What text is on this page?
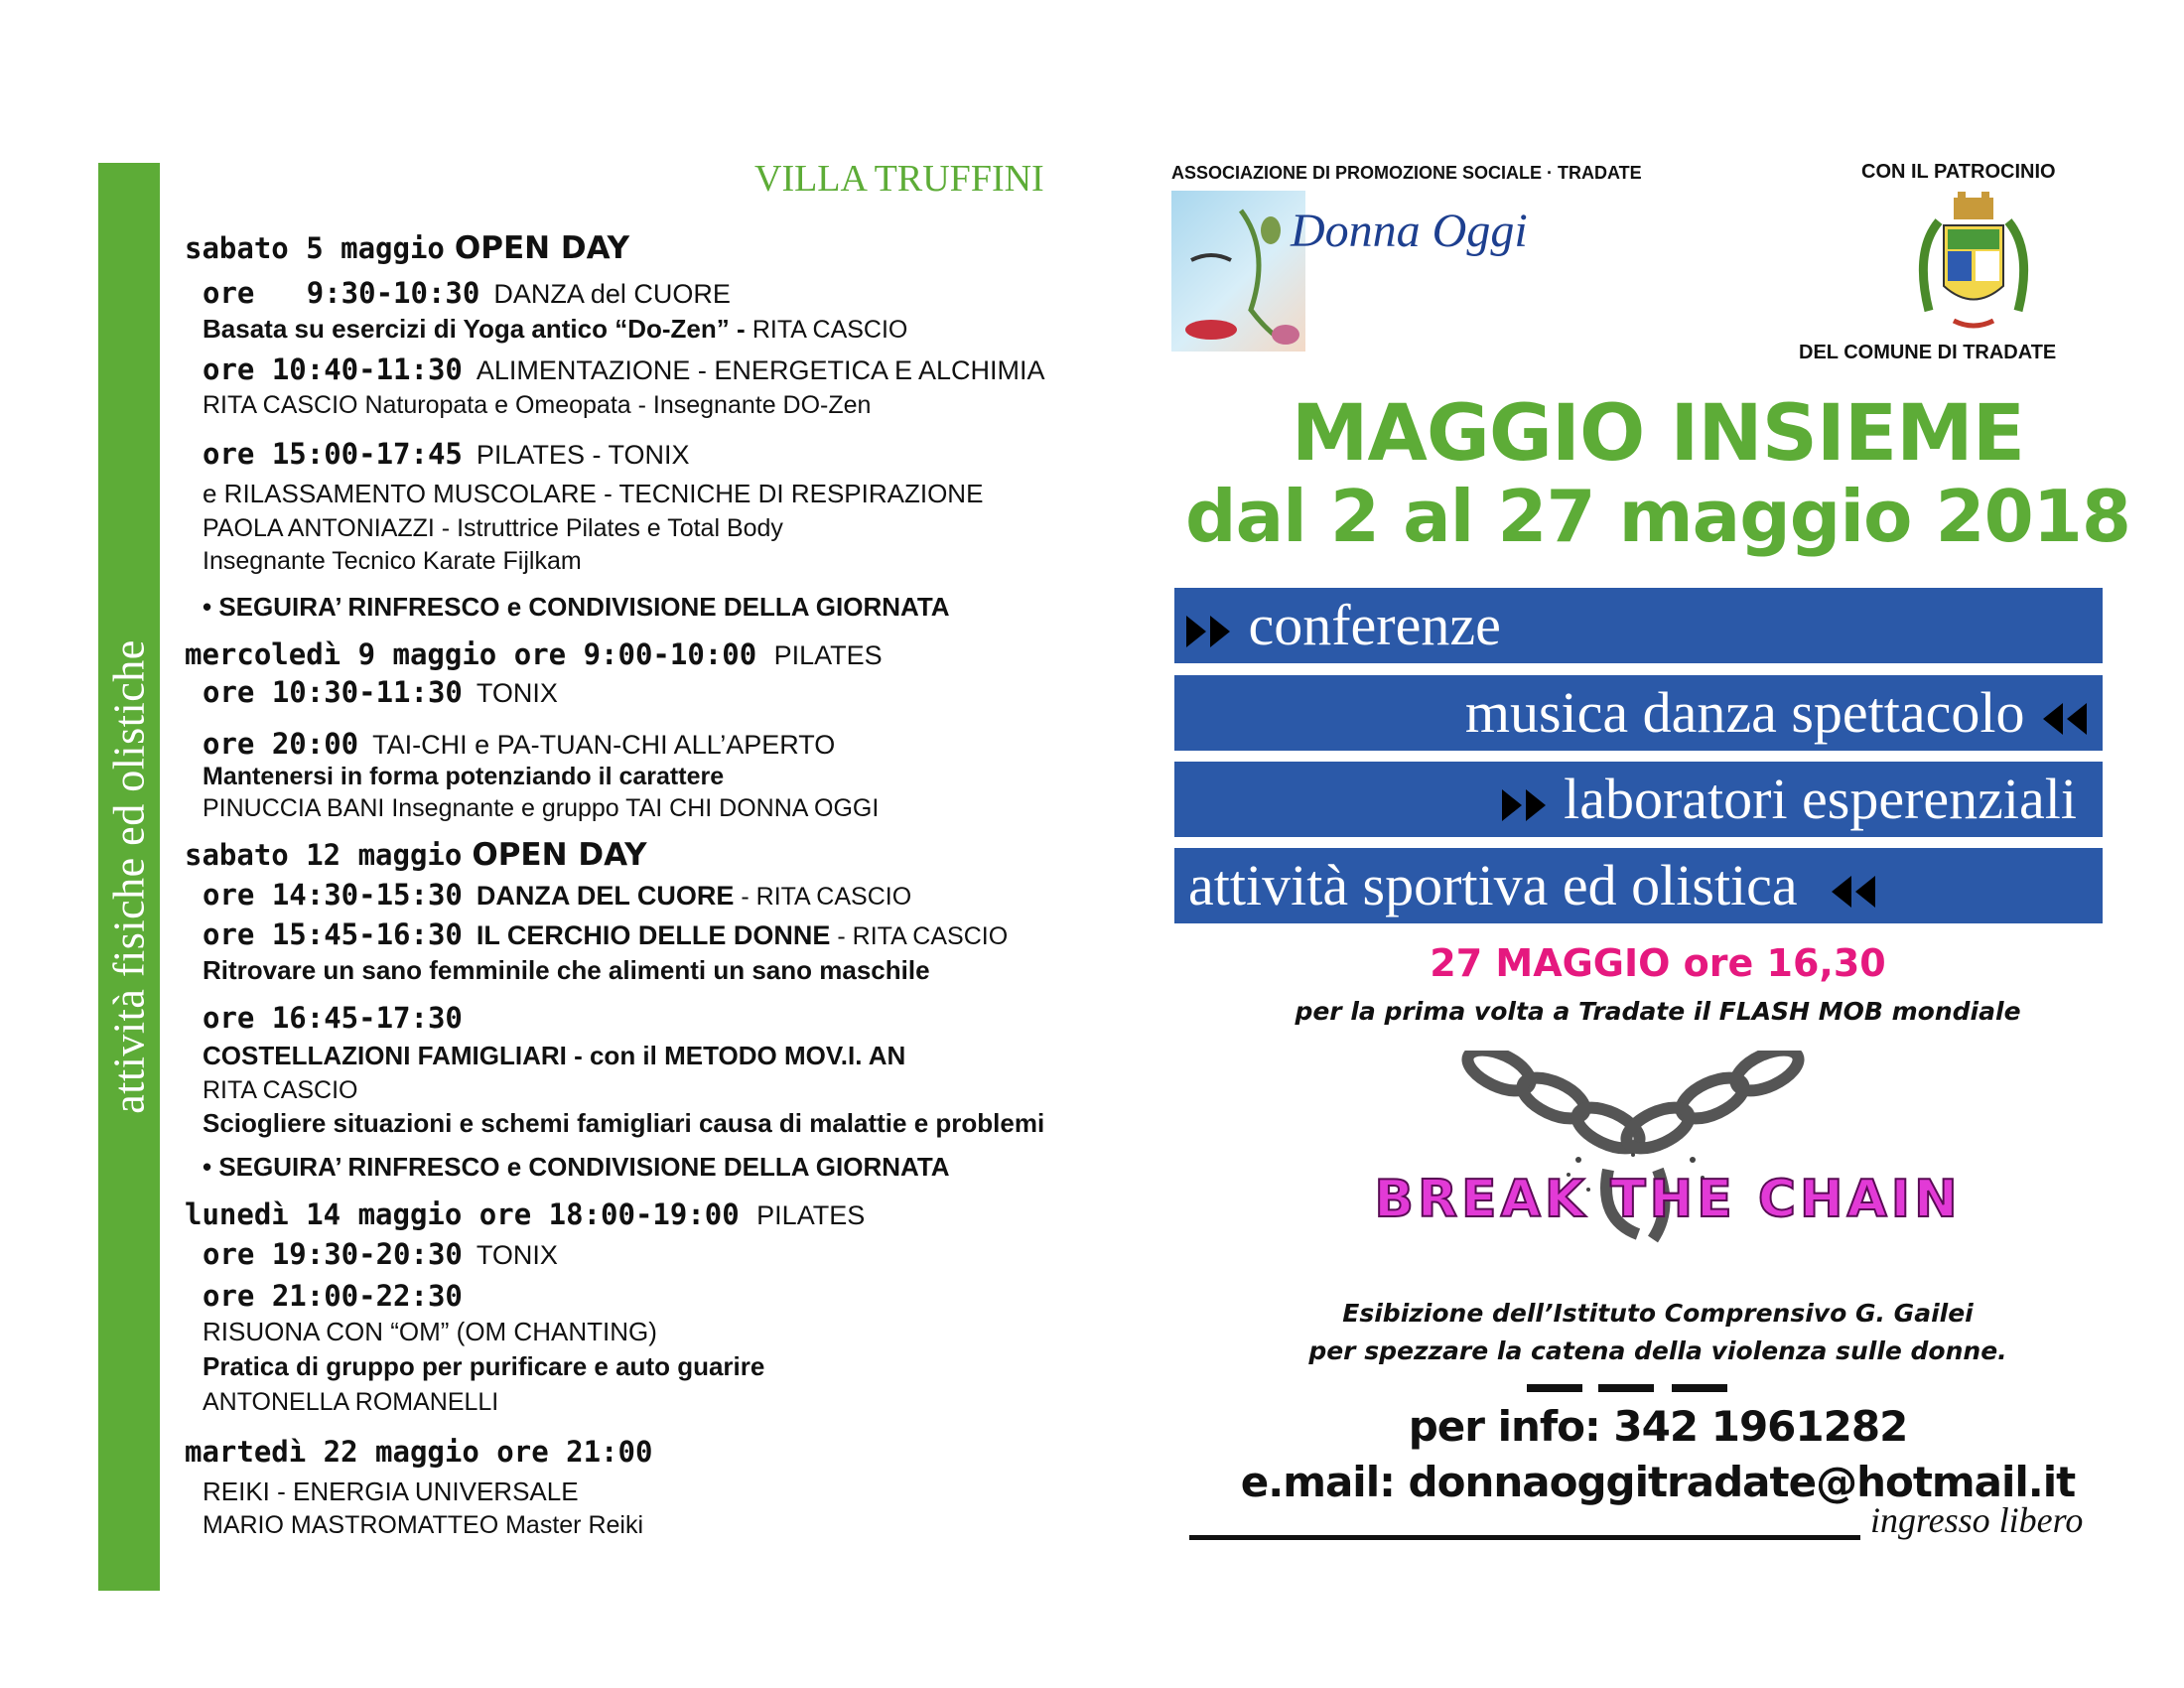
attività fisiche ed olistiche
VILLA TRUFFINI
sabato 5 maggio OPEN DAY
ore   9:30-10:30 DANZA del CUORE
Basata su esercizi di Yoga antico “Do-Zen” - RITA CASCIO
ore 10:40-11:30 ALIMENTAZIONE - ENERGETICA E ALCHIMIA
RITA CASCIO Naturopata e Omeopata - Insegnante DO-Zen
ore 15:00-17:45 PILATES - TONIX
e RILASSAMENTO MUSCOLARE - TECNICHE DI RESPIRAZIONE
PAOLA ANTONIAZZI - Istruttrice Pilates e Total Body
Insegnante Tecnico Karate Fijlkam
• SEGUIRA’ RINFRESCO e CONDIVISIONE DELLA GIORNATA
mercoledì 9 maggio ore 9:00-10:00 PILATES
ore 10:30-11:30 TONIX
ore 20:00 TAI-CHI e PA-TUAN-CHI ALL’APERTO
Mantenersi in forma potenziando il carattere
PINUCCIA BANI Insegnante e gruppo TAI CHI DONNA OGGI
sabato 12 maggio OPEN DAY
ore 14:30-15:30 DANZA DEL CUORE - RITA CASCIO
ore 15:45-16:30 IL CERCHIO DELLE DONNE - RITA CASCIO
Ritrovare un sano femminile che alimenti un sano maschile
ore 16:45-17:30
COSTELLAZIONI FAMIGLIARI - con il METODO MOV.I. AN
RITA CASCIO
Sciogliere situazioni e schemi famigliari causa di malattie e problemi
• SEGUIRA’ RINFRESCO e CONDIVISIONE DELLA GIORNATA
lunedì 14 maggio ore 18:00-19:00 PILATES
ore 19:30-20:30 TONIX
ore 21:00-22:30
RISUONA CON “OM” (OM CHANTING)
Pratica di gruppo per purificare e auto guarire
ANTONELLA ROMANELLI
martedì 22 maggio ore 21:00
REIKI - ENERGIA UNIVERSALE
MARIO MASTROMATTEO Master Reiki
ASSOCIAZIONE DI PROMOZIONE SOCIALE · TRADATE
Donna Oggi
CON IL PATROCINIO
DEL COMUNE DI TRADATE
MAGGIO INSIEME
dal 2 al 27 maggio 2018
conferenze
musica danza spettacolo
laboratori esperenziali
attività sportiva ed olistica
27 MAGGIO ore 16,30
per la prima volta a Tradate il FLASH MOB mondiale
BREAK THE CHAIN
Esibizione dell’Istituto Comprensivo G. Gailei
per spezzare la catena della violenza sulle donne.
per info: 342 1961282
e.mail: donnaoggitradate@hotmail.it
ingresso libero
